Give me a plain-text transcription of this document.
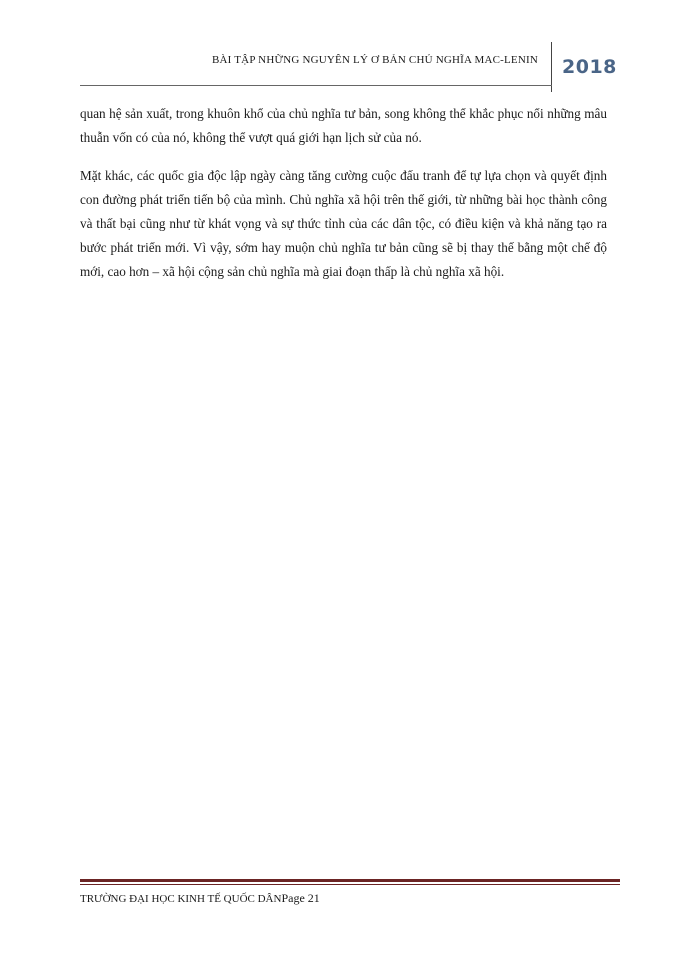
BÀI TẬP NHỮNG NGUYÊN LÝ Ơ BẢN CHỦ NGHĨA MAC-LENIN 2018

quan hệ sản xuất, trong khuôn khổ của chủ nghĩa tư bản, song không thể khắc phục nổi những mâu thuẫn vốn có của nó, không thể vượt quá giới hạn lịch sử của nó.

Mặt khác, các quốc gia độc lập ngày càng tăng cường cuộc đấu tranh để tự lựa chọn và quyết định con đường phát triển tiến bộ của mình. Chủ nghĩa xã hội trên thế giới, từ những bài học thành công và thất bại cũng như từ khát vọng và sự thức tỉnh của các dân tộc, có điều kiện và khả năng tạo ra bước phát triển mới. Vì vậy, sớm hay muộn chủ nghĩa tư bản cũng sẽ bị thay thế bằng một chế độ mới, cao hơn – xã hội cộng sản chủ nghĩa mà giai đoạn thấp là chủ nghĩa xã hội.

TRƯỜNG ĐẠI HỌC KINH TẾ QUỐC DÂNPage 21
